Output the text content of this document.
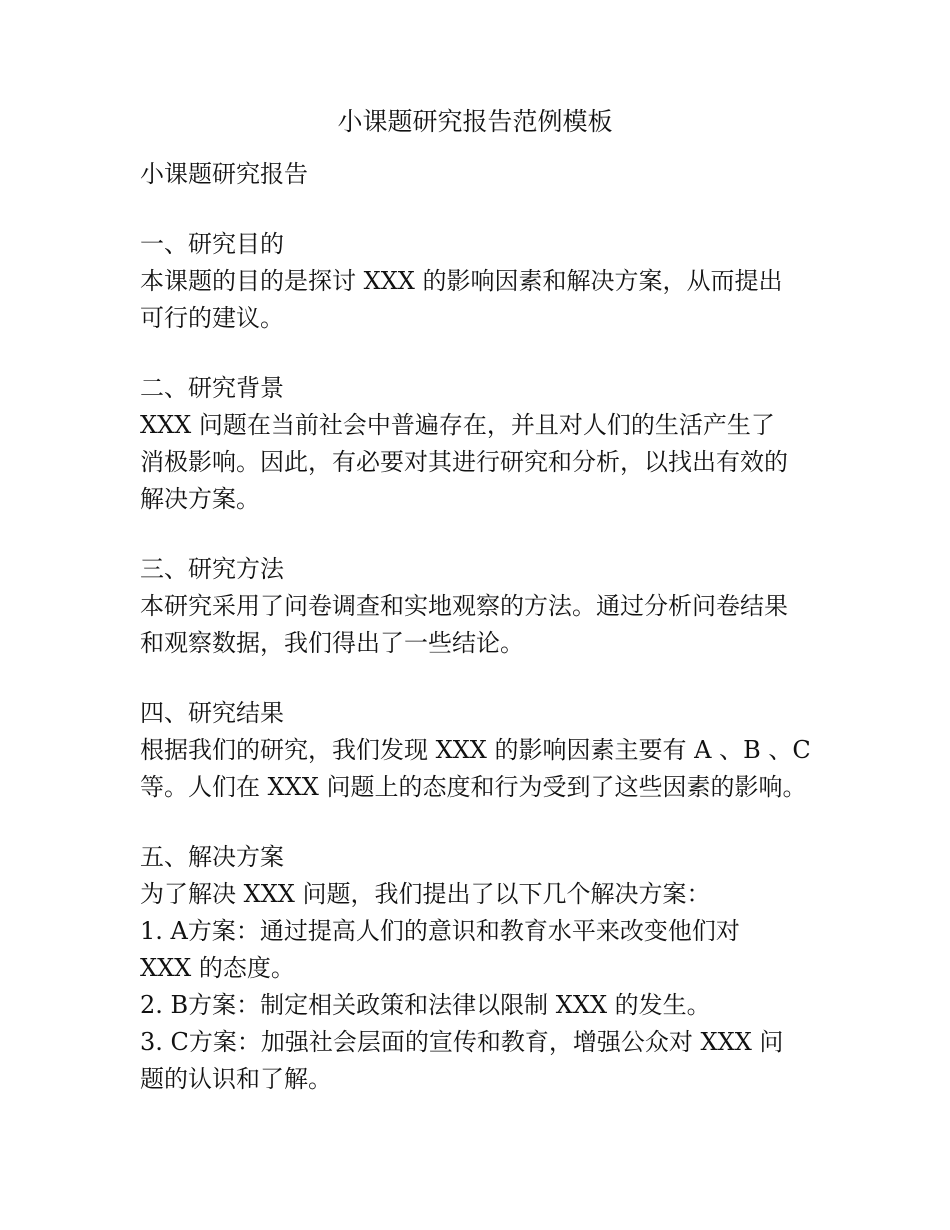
小课题研究报告范例模板
小课题研究报告
一、研究目的
本课题的目的是探讨 XXX 的影响因素和解决方案，从而提出
可行的建议。
二、研究背景
XXX 问题在当前社会中普遍存在，并且对人们的生活产生了
消极影响。因此，有必要对其进行研究和分析，以找出有效的
解决方案。
三、研究方法
本研究采用了问卷调查和实地观察的方法。通过分析问卷结果
和观察数据，我们得出了一些结论。
四、研究结果
根据我们的研究，我们发现 XXX 的影响因素主要有 A 、B 、C
等。人们在 XXX 问题上的态度和行为受到了这些因素的影响。
五、解决方案
为了解决 XXX 问题，我们提出了以下几个解决方案：
1. A方案：通过提高人们的意识和教育水平来改变他们对
XXX 的态度。
2. B方案：制定相关政策和法律以限制 XXX 的发生。
3. C方案：加强社会层面的宣传和教育，增强公众对 XXX 问
题的认识和了解。
